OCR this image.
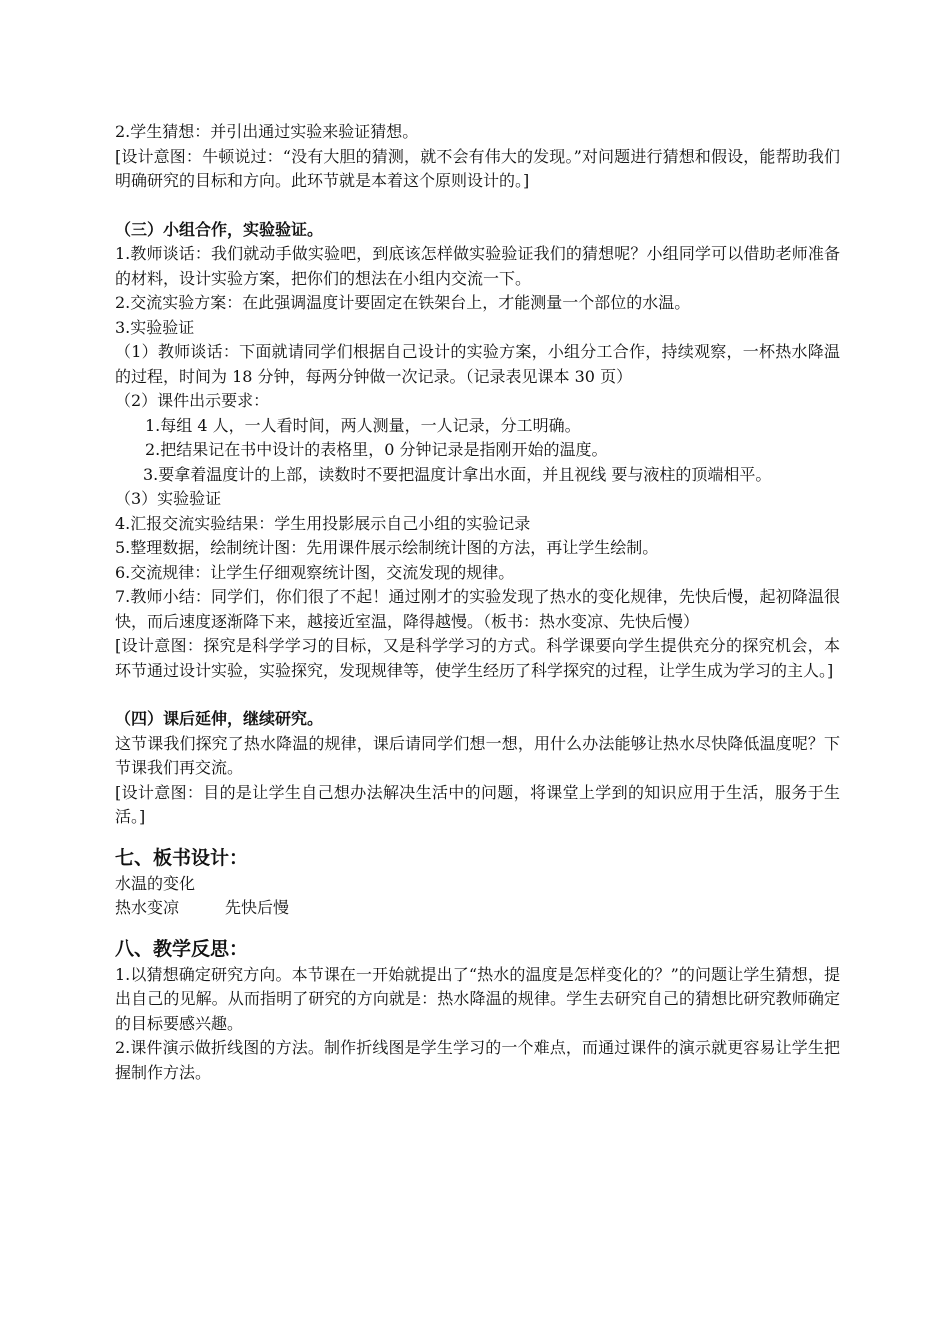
2.学生猜想：并引出通过实验来验证猜想。
[设计意图：牛顿说过：“没有大胆的猜测，就不会有伟大的发现。”对问题进行猜想和假设，能帮助我们明确研究的目标和方向。此环节就是本着这个原则设计的。]
（三）小组合作，实验验证。
1.教师谈话：我们就动手做实验吧，到底该怎样做实验验证我们的猜想呢？小组同学可以借助老师准备的材料，设计实验方案，把你们的想法在小组内交流一下。
2.交流实验方案：在此强调温度计要固定在铁架台上，才能测量一个部位的水温。
3.实验验证
（1）教师谈话：下面就请同学们根据自己设计的实验方案，小组分工合作，持续观察，一杯热水降温的过程，时间为 18 分钟，每两分钟做一次记录。（记录表见课本 30 页）
（2）课件出示要求：
1.每组 4 人，一人看时间，两人测量，一人记录，分工明确。
2.把结果记在书中设计的表格里，0 分钟记录是指刚开始的温度。
3.要拿着温度计的上部，读数时不要把温度计拿出水面，并且视线 要与液柱的顶端相平。
（3）实验验证
4.汇报交流实验结果：学生用投影展示自己小组的实验记录
5.整理数据，绘制统计图：先用课件展示绘制统计图的方法，再让学生绘制。
6.交流规律：让学生仔细观察统计图，交流发现的规律。
7.教师小结：同学们，你们很了不起！通过刚才的实验发现了热水的变化规律，先快后慢，起初降温很快，而后速度逐渐降下来，越接近室温，降得越慢。（板书：热水变凉、先快后慢）
[设计意图：探究是科学学习的目标，又是科学学习的方式。科学课要向学生提供充分的探究机会，本环节通过设计实验，实验探究，发现规律等，使学生经历了科学探究的过程，让学生成为学习的主人。]
（四）课后延伸，继续研究。
这节课我们探究了热水降温的规律，课后请同学们想一想，用什么办法能够让热水尽快降低温度呢？下节课我们再交流。
[设计意图：目的是让学生自己想办法解决生活中的问题，将课堂上学到的知识应用于生活，服务于生活。]
七、板书设计：
水温的变化
热水变凉	先快后慢
八、教学反思：
1.以猜想确定研究方向。本节课在一开始就提出了“热水的温度是怎样变化的？”的问题让学生猜想，提出自己的见解。从而指明了研究的方向就是：热水降温的规律。学生去研究自己的猜想比研究教师确定的目标要感兴趣。
2.课件演示做折线图的方法。制作折线图是学生学习的一个难点，而通过课件的演示就更容易让学生把握制作方法。
